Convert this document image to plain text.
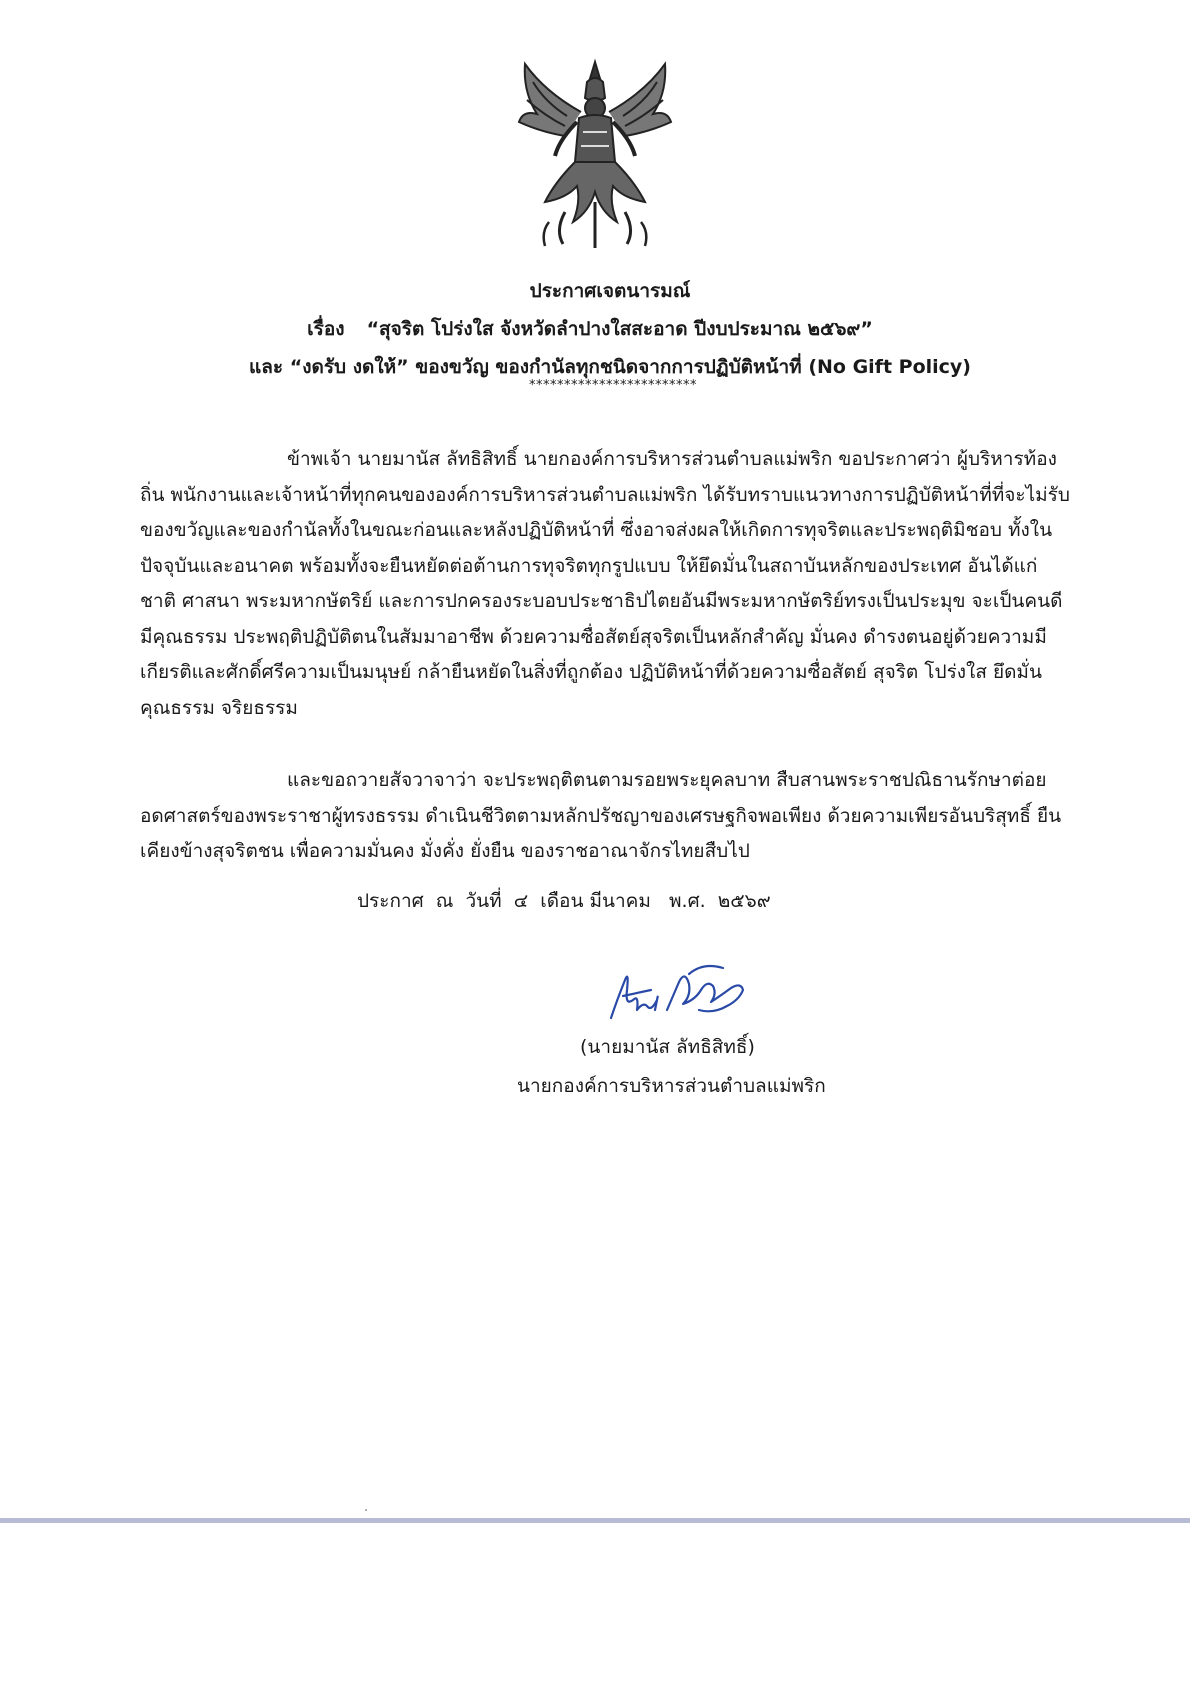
ประกาศเจตนารมณ์
เรื่อง “สุจริต โปร่งใส จังหวัดลำปางใสสะอาด ปีงบประมาณ ๒๕๖๙”
และ “งดรับ งดให้” ของขวัญ ของกำนัลทุกชนิดจากการปฏิบัติหน้าที่ (No Gift Policy)
************************

ข้าพเจ้า นายมานัส ลัทธิสิทธิ์ นายกองค์การบริหารส่วนตำบลแม่พริก ขอประกาศว่า ผู้บริหารท้องถิ่น พนักงานและเจ้าหน้าที่ทุกคนขององค์การบริหารส่วนตำบลแม่พริก ได้รับทราบแนวทางการปฏิบัติหน้าที่ที่จะไม่รับของขวัญและของกำนัลทั้งในขณะก่อนและหลังปฏิบัติหน้าที่ ซึ่งอาจส่งผลให้เกิดการทุจริตและประพฤติมิชอบ ทั้งในปัจจุบันและอนาคต พร้อมทั้งจะยืนหยัดต่อต้านการทุจริตทุกรูปแบบ ให้ยึดมั่นในสถาบันหลักของประเทศ อันได้แก่ ชาติ ศาสนา พระมหากษัตริย์ และการปกครองระบอบประชาธิปไตยอันมีพระมหากษัตริย์ทรงเป็นประมุข จะเป็นคนดี มีคุณธรรม ประพฤติปฏิบัติตนในสัมมาอาชีพ ด้วยความซื่อสัตย์สุจริตเป็นหลักสำคัญ มั่นคง ดำรงตนอยู่ด้วยความมีเกียรติและศักดิ์ศรีความเป็นมนุษย์ กล้ายืนหยัดในสิ่งที่ถูกต้อง ปฏิบัติหน้าที่ด้วยความซื่อสัตย์ สุจริต โปร่งใส ยึดมั่นคุณธรรม จริยธรรม

และขอถวายสัจวาจาว่า จะประพฤติตนตามรอยพระยุคลบาท สืบสานพระราชปณิธานรักษาต่อยอดศาสตร์ของพระราชาผู้ทรงธรรม ดำเนินชีวิตตามหลักปรัชญาของเศรษฐกิจพอเพียง ด้วยความเพียรอันบริสุทธิ์ ยืนเคียงข้างสุจริตชน เพื่อความมั่นคง มั่งคั่ง ยั่งยืน ของราชอาณาจักรไทยสืบไป

ประกาศ  ณ  วันที่  ๔  เดือน มีนาคม   พ.ศ.  ๒๕๖๙
(นายมานัส ลัทธิสิทธิ์)
นายกองค์การบริหารส่วนตำบลแม่พริก
